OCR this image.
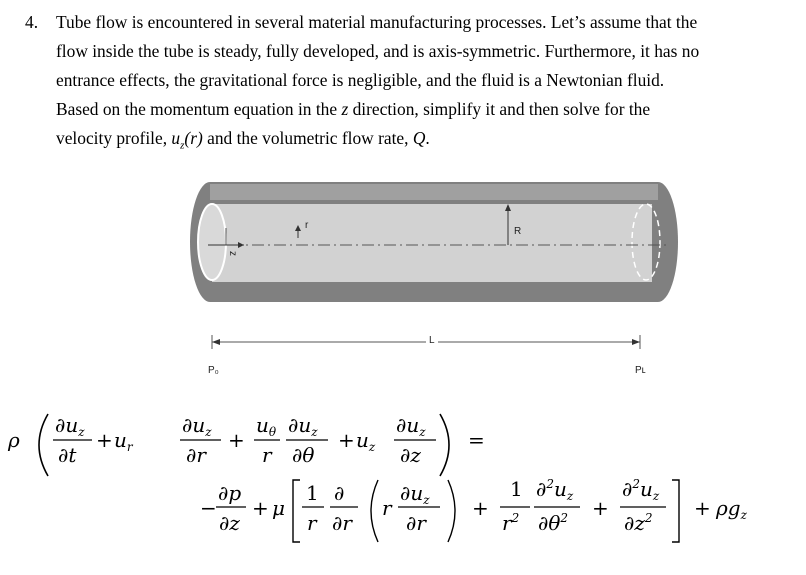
4. Tube flow is encountered in several material manufacturing processes. Let’s assume that the
flow inside the tube is steady, fully developed, and is axis-symmetric. Furthermore, it has no
entrance effects, the gravitational force is negligible, and the fluid is a Newtonian fluid.
Based on the momentum equation in the z direction, simplify it and then solve for the
velocity profile, $u_z(r)$ and the volumetric flow rate, Q.
r
z
R
L
P₀	Pʟ
ρ
$\partial u_z$
∂t
+ $u_r$
$\partial u_z$
∂r
+
$u_\theta$
r
$\partial u_z$
∂θ
+ $u_z$
$\partial u_z$
∂z
=
−
∂p
∂z
+ μ
1
r
∂
∂r
r
$\partial u_z$
∂r
+
1
$r^2$
$\partial^2u_z$
$\partial\theta^2$ +
$\partial^2u_z$
$\partial z^2 + \rho g_z$
